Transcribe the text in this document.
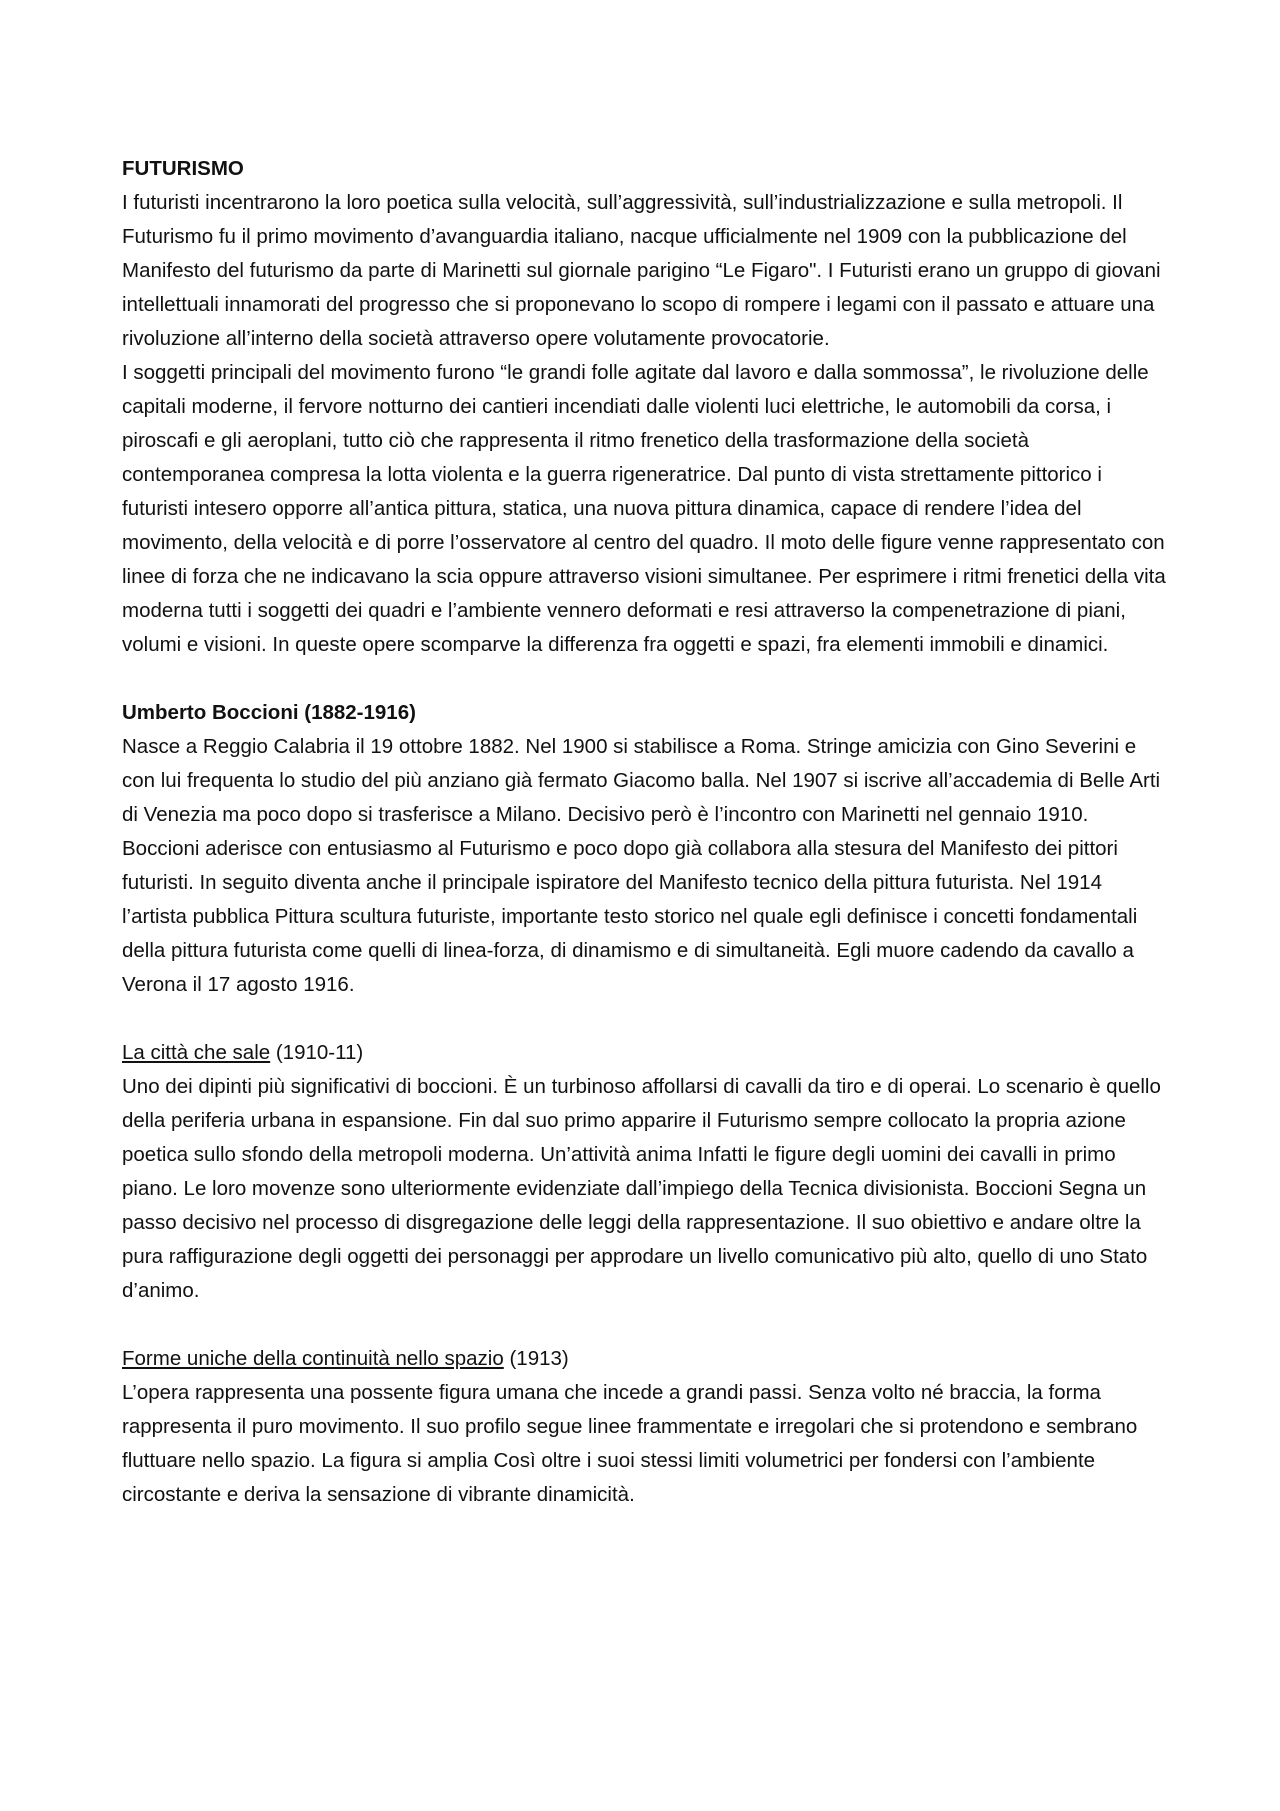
FUTURISMO

I futuristi incentrarono la loro poetica sulla velocità, sull’aggressività, sull’industrializzazione e sulla metropoli. Il Futurismo fu il primo movimento d’avanguardia italiano, nacque ufficialmente nel 1909 con la pubblicazione del Manifesto del futurismo da parte di Marinetti sul giornale parigino “Le Figaro". I Futuristi erano un gruppo di giovani intellettuali innamorati del progresso che si proponevano lo scopo di rompere i legami con il passato e attuare una rivoluzione all’interno della società attraverso opere volutamente provocatorie.

I soggetti principali del movimento furono “le grandi folle agitate dal lavoro e dalla sommossa”, le rivoluzione delle capitali moderne, il fervore notturno dei cantieri incendiati dalle violenti luci elettriche, le automobili da corsa, i piroscafi e gli aeroplani, tutto ciò che rappresenta il ritmo frenetico della trasformazione della società contemporanea compresa la lotta violenta e la guerra rigeneratrice. Dal punto di vista strettamente pittorico i futuristi intesero opporre all’antica pittura, statica, una nuova pittura dinamica, capace di rendere l’idea del movimento, della velocità e di porre l’osservatore al centro del quadro. Il moto delle figure venne rappresentato con linee di forza che ne indicavano la scia oppure attraverso visioni simultanee. Per esprimere i ritmi frenetici della vita moderna tutti i soggetti dei quadri e l’ambiente vennero deformati e resi attraverso la compenetrazione di piani, volumi e visioni. In queste opere scomparve la differenza fra oggetti e spazi, fra elementi immobili e dinamici.

Umberto Boccioni (1882-1916)

Nasce a Reggio Calabria il 19 ottobre 1882. Nel 1900 si stabilisce a Roma. Stringe amicizia con Gino Severini e con lui frequenta lo studio del più anziano già fermato Giacomo balla. Nel 1907 si iscrive all’accademia di Belle Arti di Venezia ma poco dopo si trasferisce a Milano. Decisivo però è l’incontro con Marinetti nel gennaio 1910. Boccioni aderisce con entusiasmo al Futurismo e poco dopo già collabora alla stesura del Manifesto dei pittori futuristi. In seguito diventa anche il principale ispiratore del Manifesto tecnico della pittura futurista. Nel 1914 l’artista pubblica Pittura scultura futuriste, importante testo storico nel quale egli definisce i concetti fondamentali della pittura futurista come quelli di linea-forza, di dinamismo e di simultaneità. Egli muore cadendo da cavallo a Verona il 17 agosto 1916.

La città che sale (1910-11)

Uno dei dipinti più significativi di boccioni. È un turbinoso affollarsi di cavalli da tiro e di operai. Lo scenario è quello della periferia urbana in espansione. Fin dal suo primo apparire il Futurismo sempre collocato la propria azione poetica sullo sfondo della metropoli moderna. Un’attività anima Infatti le figure degli uomini dei cavalli in primo piano. Le loro movenze sono ulteriormente evidenziate dall’impiego della Tecnica divisionista. Boccioni Segna un passo decisivo nel processo di disgregazione delle leggi della rappresentazione. Il suo obiettivo e andare oltre la pura raffigurazione degli oggetti dei personaggi per approdare un livello comunicativo più alto, quello di uno Stato d’animo.

Forme uniche della continuità nello spazio (1913)

L’opera rappresenta una possente figura umana che incede a grandi passi. Senza volto né braccia, la forma rappresenta il puro movimento. Il suo profilo segue linee frammentate e irregolari che si protendono e sembrano fluttuare nello spazio. La figura si amplia Così oltre i suoi stessi limiti volumetrici per fondersi con l’ambiente circostante e deriva la sensazione di vibrante dinamicità.
